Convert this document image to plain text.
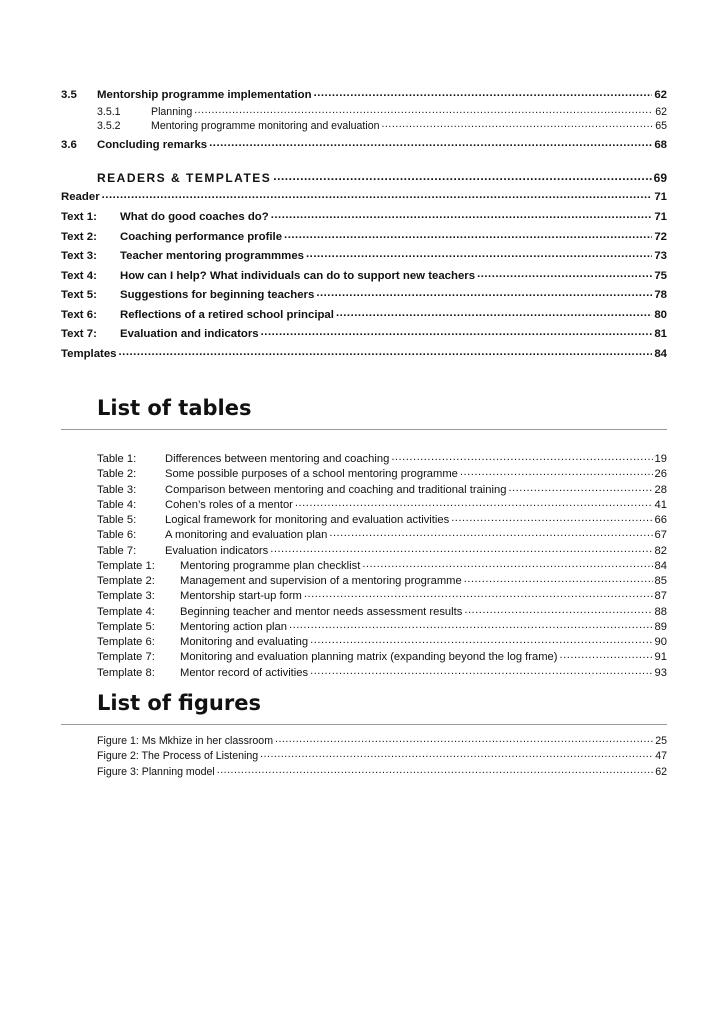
3.5	Mentorship programme implementation .....	62
3.5.1	Planning .....	62
3.5.2	Mentoring programme monitoring and evaluation .....	65
3.6	Concluding remarks .....	68
READERS & TEMPLATES .....	69
Reader .....	71
Text 1:	What do good coaches do? .....	71
Text 2:	Coaching performance profile .....	72
Text 3:	Teacher mentoring programmmes .....	73
Text 4:	How can I help? What individuals can do to support new teachers .....	75
Text 5:	Suggestions for beginning teachers .....	78
Text 6:	Reflections of a retired school principal .....	80
Text 7:	Evaluation and indicators .....	81
Templates .....	84
List of tables
Table 1:	Differences between mentoring and coaching .....	19
Table 2:	Some possible purposes of a school mentoring programme .....	26
Table 3:	Comparison between mentoring and coaching and traditional training .....	28
Table 4:	Cohen’s roles of a mentor .....	41
Table 5:	Logical framework for monitoring and evaluation activities .....	66
Table 6:	A monitoring and evaluation plan .....	67
Table 7:	Evaluation indicators .....	82
Template 1:	Mentoring programme plan checklist .....	84
Template 2:	Management and supervision of a mentoring programme .....	85
Template 3:	Mentorship start-up form .....	87
Template 4:	Beginning teacher and mentor needs assessment results .....	88
Template 5:	Mentoring action plan .....	89
Template 6:	Monitoring and evaluating .....	90
Template 7:	Monitoring and evaluation planning matrix (expanding beyond the log frame) .....	91
Template 8:	Mentor record of activities .....	93
List of figures
Figure 1: Ms Mkhize in her classroom .....	25
Figure 2: The Process of Listening .....	47
Figure 3: Planning model .....	62
